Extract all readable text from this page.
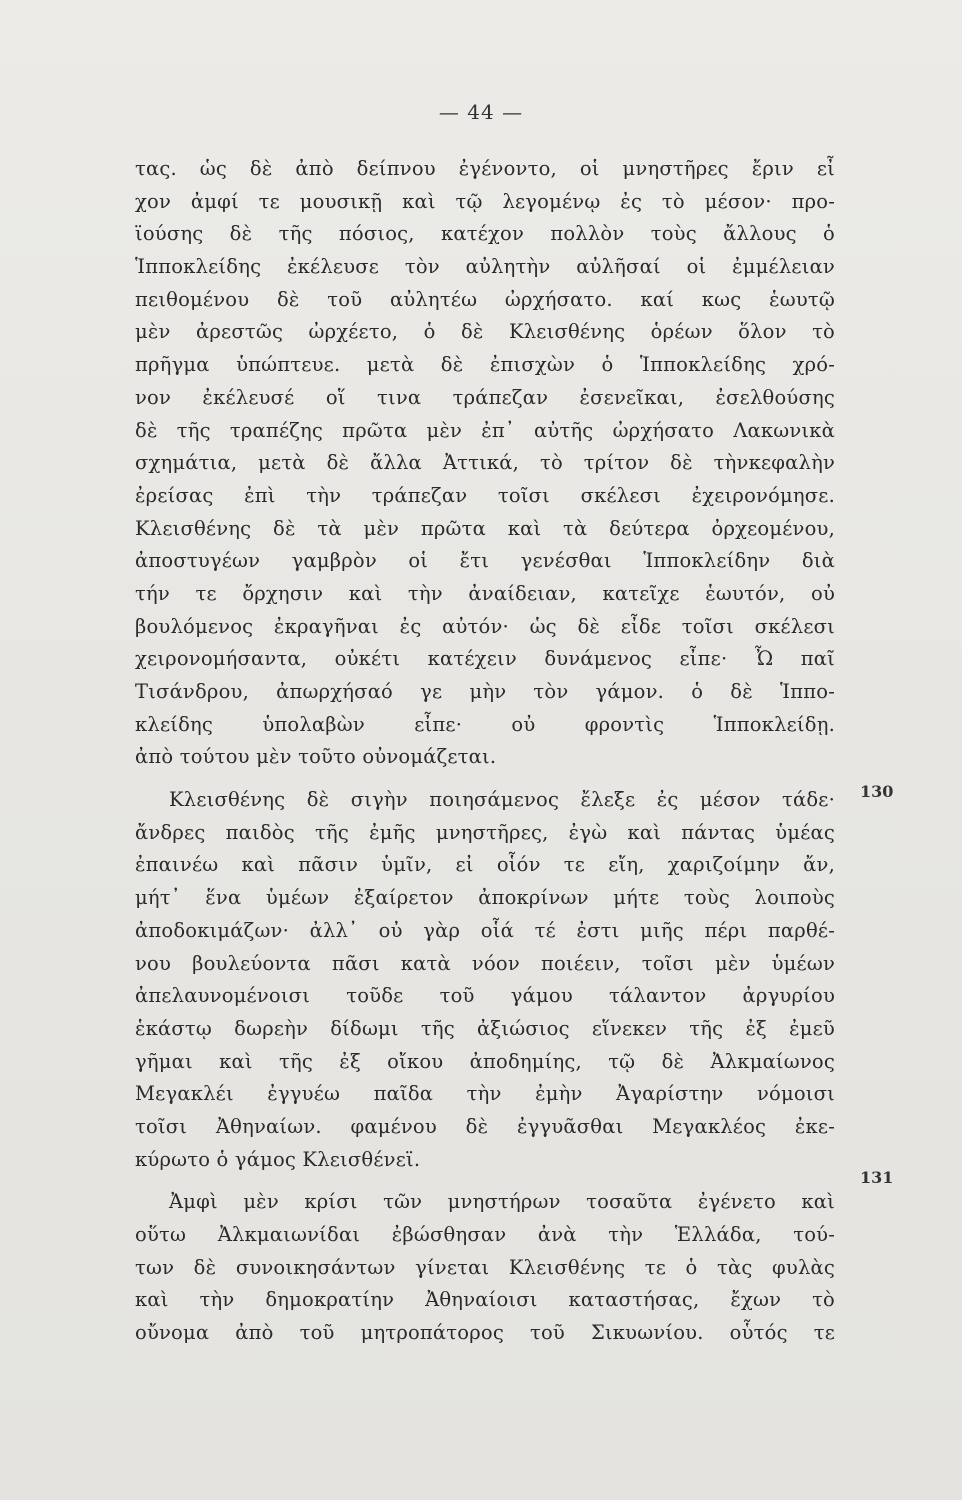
— 44 —
τας. ὡς δὲ ἀπὸ δείπνου ἐγένοντο, οἱ μνηστῆρες ἔριν εἶ
χον ἀμφί τε μουσικῇ καὶ τῷ λεγομένῳ ἐς τὸ μέσον· προ-
ϊούσης δὲ τῆς πόσιος, κατέχον πολλὸν τοὺς ἄλλους ὁ
Ἱπποκλείδης ἐκέλευσε τὸν αὐλητὴν αὐλῆσαί οἱ ἐμμέλειαν
πειθομένου δὲ τοῦ αὐλητέω ὠρχήσατο. καί κως ἑωυτῷ
μὲν ἀρεστῶς ὠρχέετο, ὁ δὲ Κλεισθένης ὁρέων ὅλον τὸ
πρῆγμα ὑπώπτευε. μετὰ δὲ ἐπισχὼν ὁ Ἱπποκλείδης χρό-
νον ἐκέλευσέ οἵ τινα τράπεζαν ἐσενεῖκαι, ἐσελθούσης
δὲ τῆς τραπέζης πρῶτα μὲν ἐπ᾽ αὐτῆς ὠρχήσατο Λακωνικὰ
σχημάτια, μετὰ δὲ ἄλλα Ἀττικά, τὸ τρίτον δὲ τὴνκεφαλὴν
ἐρείσας ἐπὶ τὴν τράπεζαν τοῖσι σκέλεσι ἐχειρονόμησε.
Κλεισθένης δὲ τὰ μὲν πρῶτα καὶ τὰ δεύτερα ὀρχεομένου,
ἀποστυγέων γαμβρὸν οἱ ἔτι γενέσθαι Ἱπποκλείδην διὰ
τήν τε ὄρχησιν καὶ τὴν ἀναίδειαν, κατεῖχε ἑωυτόν, οὐ
βουλόμενος ἐκραγῆναι ἐς αὐτόν· ὡς δὲ εἶδε τοῖσι σκέλεσι
χειρονομήσαντα, οὐκέτι κατέχειν δυνάμενος εἶπε· Ὦ παῖ
Τισάνδρου, ἀπωρχήσαό γε μὴν τὸν γάμον. ὁ δὲ Ἱππο-
κλείδης ὑπολαβὼν εἶπε· οὐ φροντὶς Ἱπποκλείδῃ.
ἀπὸ τούτου μὲν τοῦτο οὐνομάζεται.
Κλεισθένης δὲ σιγὴν ποιησάμενος ἔλεξε ἐς μέσον τάδε·
ἄνδρες παιδὸς τῆς ἐμῆς μνηστῆρες, ἐγὼ καὶ πάντας ὑμέας
ἐπαινέω καὶ πᾶσιν ὑμῖν, εἰ οἷόν τε εἴη, χαριζοίμην ἄν,
μήτ᾽ ἕνα ὑμέων ἐξαίρετον ἀποκρίνων μήτε τοὺς λοιποὺς
ἀποδοκιμάζων· ἀλλ᾽ οὐ γὰρ οἷά τέ ἐστι μιῆς πέρι παρθέ-
νου βουλεύοντα πᾶσι κατὰ νόον ποιέειν, τοῖσι μὲν ὑμέων
ἀπελαυνομένοισι τοῦδε τοῦ γάμου τάλαντον ἀργυρίου
ἑκάστῳ δωρεὴν δίδωμι τῆς ἀξιώσιος εἵνεκεν τῆς ἐξ ἐμεῦ
γῆμαι καὶ τῆς ἐξ οἴκου ἀποδημίης, τῷ δὲ Ἀλκμαίωνος
Μεγακλέι ἐγγυέω παῖδα τὴν ἐμὴν Ἀγαρίστην νόμοισι
τοῖσι Ἀθηναίων. φαμένου δὲ ἐγγυᾶσθαι Μεγακλέος ἐκε-
κύρωτο ὁ γάμος Κλεισθένεϊ.
Ἀμφὶ μὲν κρίσι τῶν μνηστήρων τοσαῦτα ἐγένετο καὶ
οὕτω Ἀλκμαιωνίδαι ἐβώσθησαν ἀνὰ τὴν Ἑλλάδα, τού-
των δὲ συνοικησάντων γίνεται Κλεισθένης τε ὁ τὰς φυλὰς
καὶ τὴν δημοκρατίην Ἀθηναίοισι καταστήσας, ἔχων τὸ
οὔνομα ἀπὸ τοῦ μητροπάτορος τοῦ Σικυωνίου. οὗτός τε
130
131
